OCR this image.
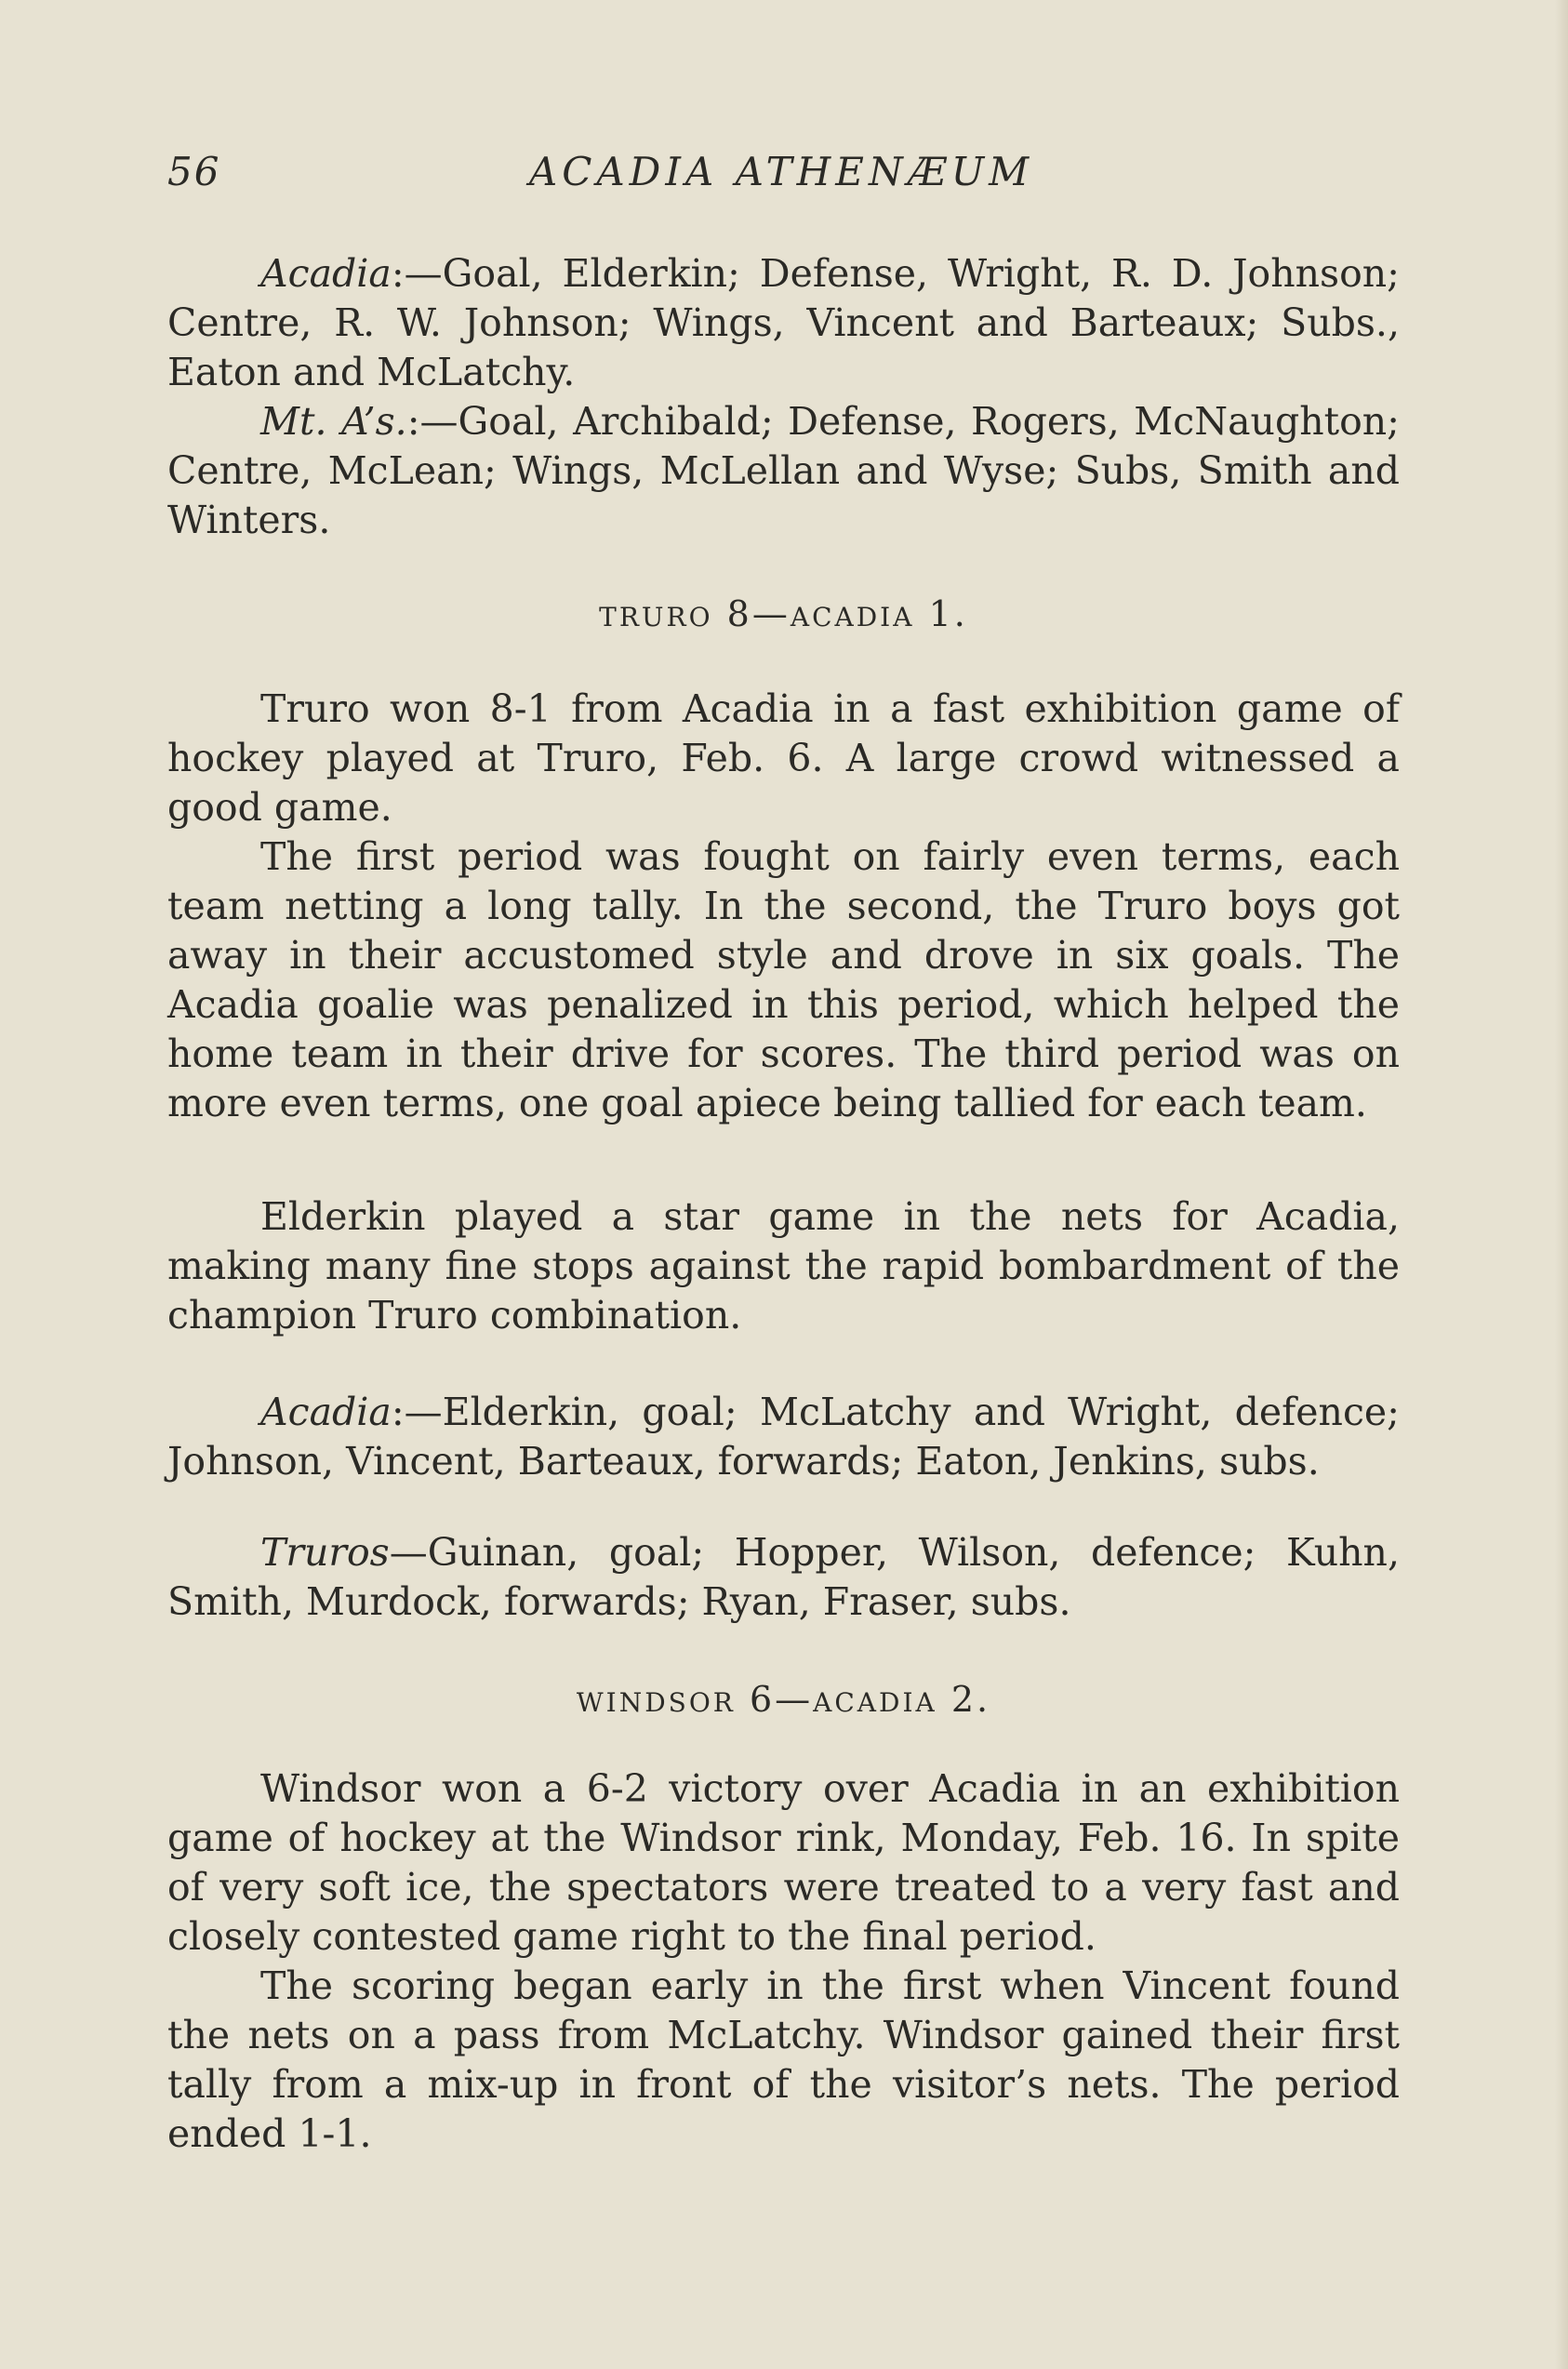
56	ACADIA ATHENÆUM

Acadia:—Goal, Elderkin; Defense, Wright, R. D. Johnson; Centre, R. W. Johnson; Wings, Vincent and Barteaux; Subs., Eaton and McLatchy.

Mt. A’s.:—Goal, Archibald; Defense, Rogers, McNaughton; Centre, McLean; Wings, McLellan and Wyse; Subs, Smith and Winters.

TRURO 8—ACADIA 1.

Truro won 8-1 from Acadia in a fast exhibition game of hockey played at Truro, Feb. 6. A large crowd witnessed a good game.

The first period was fought on fairly even terms, each team netting a long tally. In the second, the Truro boys got away in their accustomed style and drove in six goals. The Acadia goalie was penalized in this period, which helped the home team in their drive for scores. The third period was on more even terms, one goal apiece being tallied for each team.

Elderkin played a star game in the nets for Acadia, making many fine stops against the rapid bombardment of the champion Truro combination.

Acadia:—Elderkin, goal; McLatchy and Wright, defence; Johnson, Vincent, Barteaux, forwards; Eaton, Jenkins, subs.

Truros—Guinan, goal; Hopper, Wilson, defence; Kuhn, Smith, Murdock, forwards; Ryan, Fraser, subs.

WINDSOR 6—ACADIA 2.

Windsor won a 6-2 victory over Acadia in an exhibition game of hockey at the Windsor rink, Monday, Feb. 16. In spite of very soft ice, the spectators were treated to a very fast and closely contested game right to the final period.

The scoring began early in the first when Vincent found the nets on a pass from McLatchy. Windsor gained their first tally from a mix-up in front of the visitor’s nets. The period ended 1-1.
